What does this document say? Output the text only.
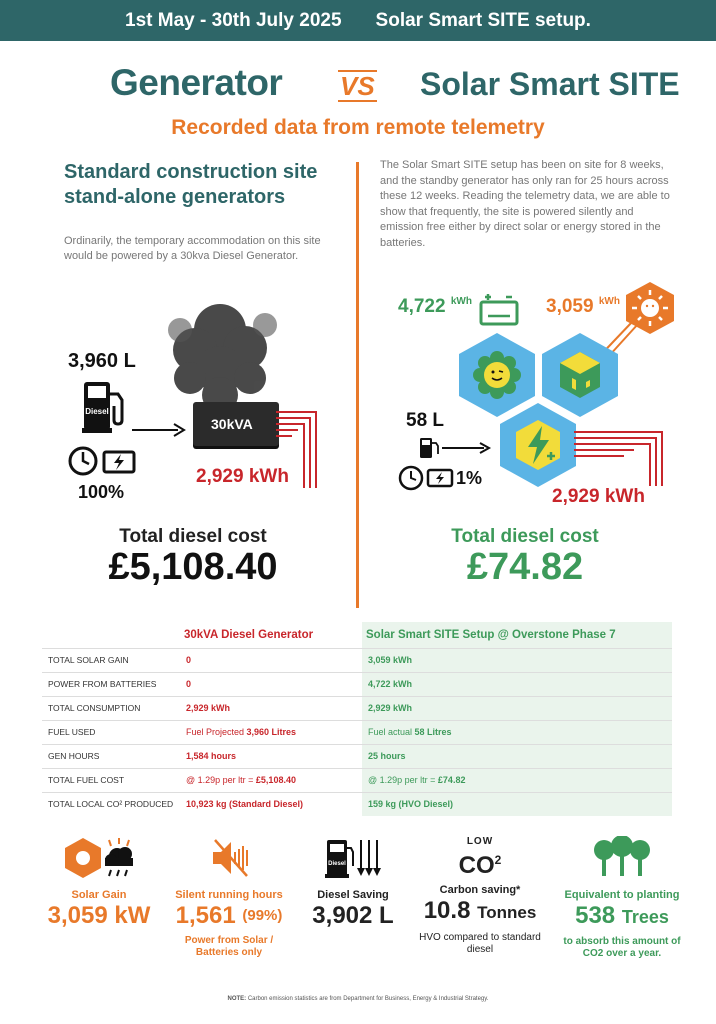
1st May - 30th July 2025 Solar Smart SITE setup.
Generator VS Solar Smart SITE
Recorded data from remote telemetry
Standard construction site stand-alone generators
Ordinarily, the temporary accommodation on this site would be powered by a 30kva Diesel Generator.
3,960 L
Diesel
100%
30kVA
2,929 kWh
Total diesel cost
£5,108.40
The Solar Smart SITE setup has been on site for 8 weeks, and the standby generator has only ran for 25 hours across these 12 weeks. Reading the telemetry data, we are able to show that frequently, the site is powered silently and emission free either by direct solar or energy stored in the batteries.
4,722 $^{kWh}$	3,059 $^{kWh}$
2,929 kWh
58 L
1%
Total diesel cost
£74.82
	30kVA Diesel Generator	Solar Smart SITE Setup @ Overstone Phase 7
TOTAL SOLAR GAIN	0	3,059 kWh
POWER FROM BATTERIES	0	4,722 kWh
TOTAL CONSUMPTION	2,929 kWh	2,929 kWh
FUEL USED	Fuel Projected 3,960 Litres	Fuel actual 58 Litres
GEN HOURS	1,584 hours	25 hours
TOTAL FUEL COST	@ 1.29p per ltr = £5,108.40	@ 1.29p per ltr = £74.82
TOTAL LOCAL CO² PRODUCED	10,923 kg (Standard Diesel)	159 kg (HVO Diesel)
Solar Gain
3,059 kW
Silent running hours
1,561 $^{(99\%)}$
Power from Solar / Batteries only
Diesel
Diesel Saving
3,902 L
LOW
$CO^2$
Carbon saving*
10.8 Tonnes
HVO compared to standard diesel
Equivalent to planting
538 Trees
to absorb this amount of CO2 over a year.
NOTE: Carbon emission statistics are from Department for Business, Energy & Industrial Strategy.
